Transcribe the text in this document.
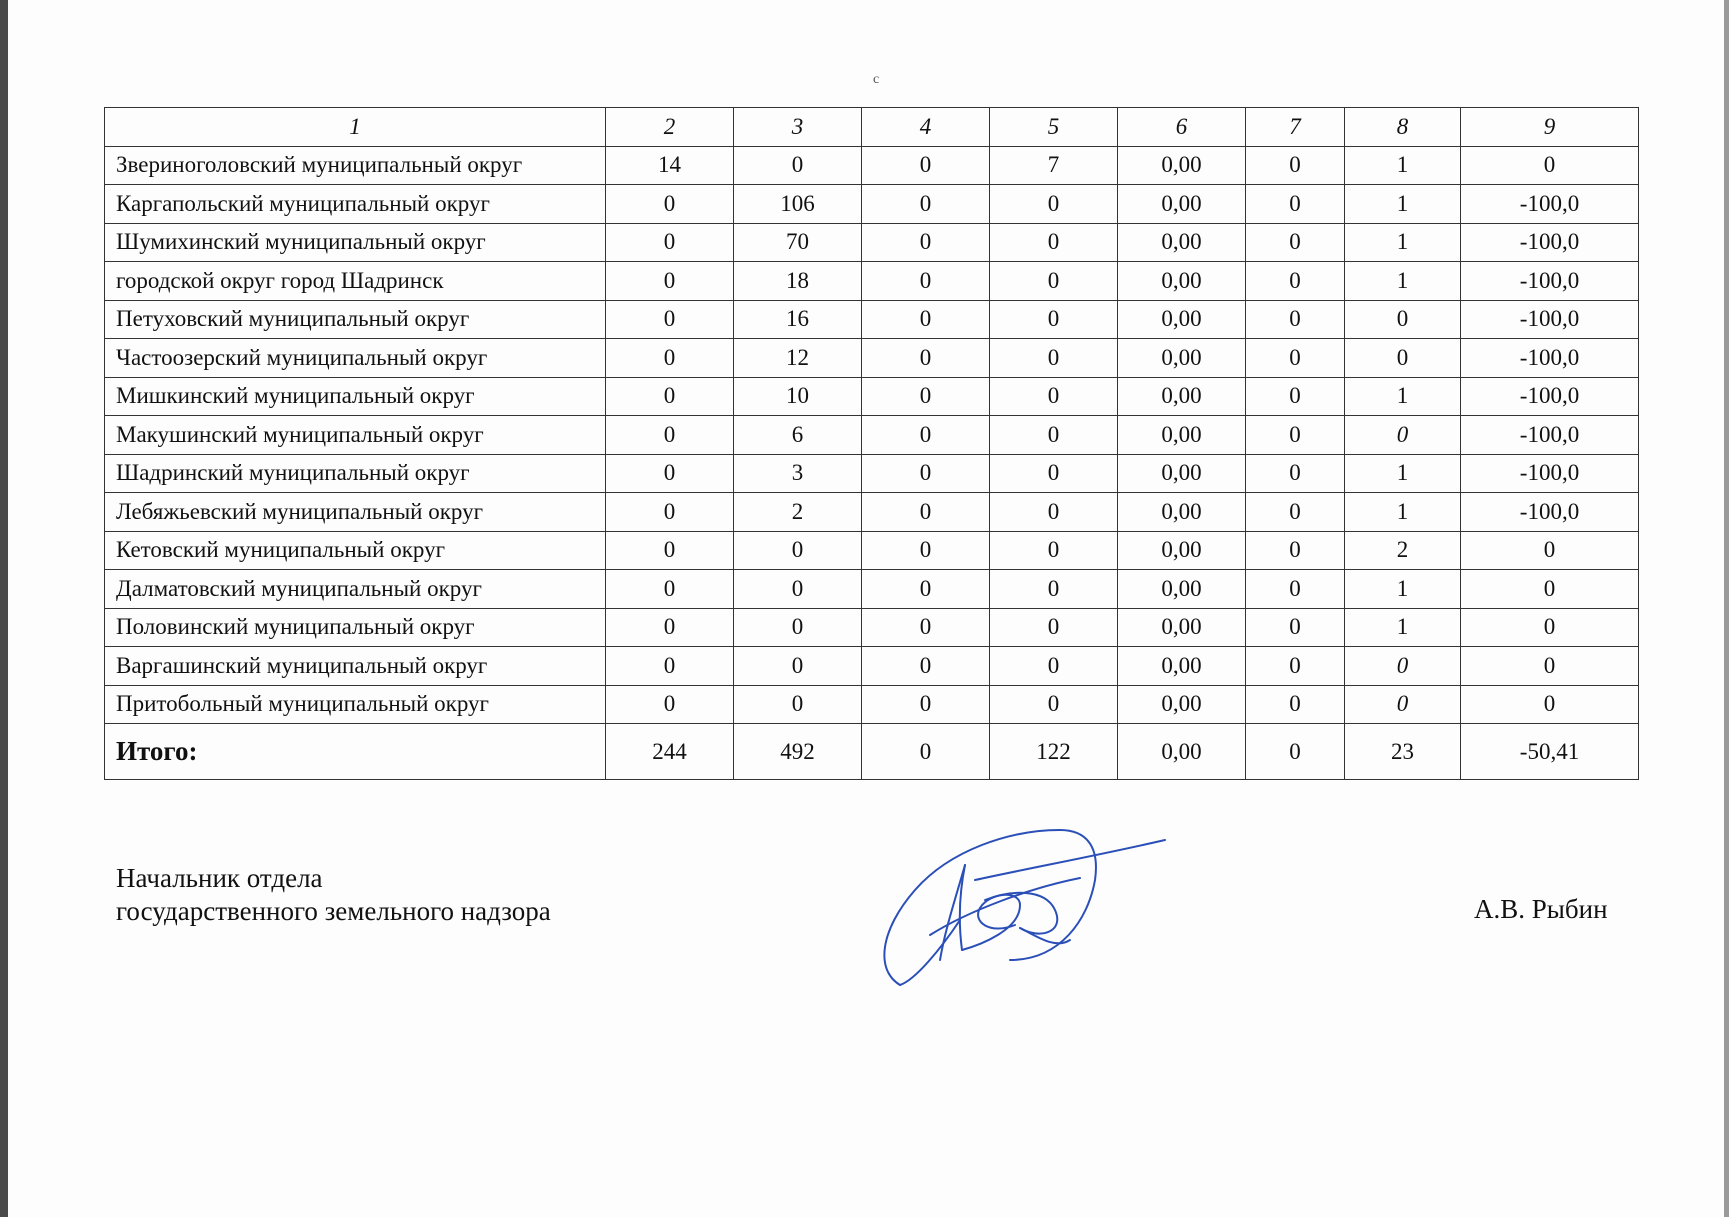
с
1	2	3	4	5	6	7	8	9
Звериноголовский муниципальный округ	14	0	0	7	0,00	0	1	0
Каргапольский муниципальный округ	0	106	0	0	0,00	0	1	-100,0
Шумихинский муниципальный округ	0	70	0	0	0,00	0	1	-100,0
городской округ город Шадринск	0	18	0	0	0,00	0	1	-100,0
Петуховский муниципальный округ	0	16	0	0	0,00	0	0	-100,0
Частоозерский муниципальный округ	0	12	0	0	0,00	0	0	-100,0
Мишкинский муниципальный округ	0	10	0	0	0,00	0	1	-100,0
Макушинский муниципальный округ	0	6	0	0	0,00	0	0	-100,0
Шадринский муниципальный округ	0	3	0	0	0,00	0	1	-100,0
Лебяжьевский муниципальный округ	0	2	0	0	0,00	0	1	-100,0
Кетовский муниципальный округ	0	0	0	0	0,00	0	2	0
Далматовский муниципальный округ	0	0	0	0	0,00	0	1	0
Половинский муниципальный округ	0	0	0	0	0,00	0	1	0
Варгашинский муниципальный округ	0	0	0	0	0,00	0	0	0
Притобольный муниципальный округ	0	0	0	0	0,00	0	0	0
Итого:	244	492	0	122	0,00	0	23	-50,41
Начальник отдела
государственного земельного надзора	А.В. Рыбин
